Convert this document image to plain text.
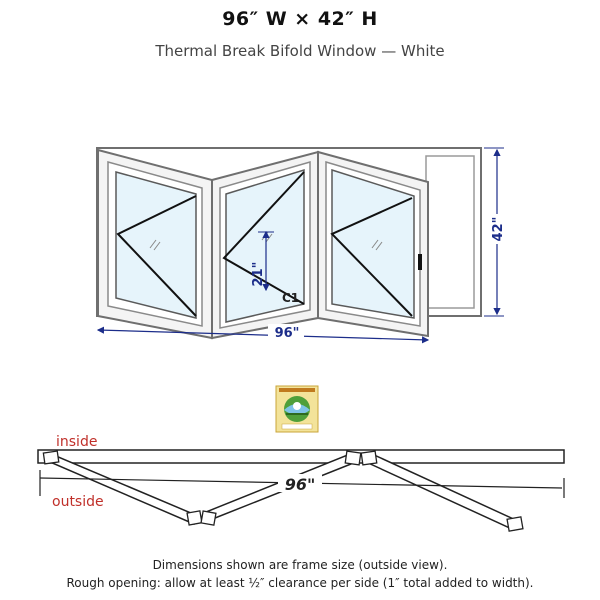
96″ W × 42″ H
Thermal Break Bifold Window — White
21"
C1
96"
42"
inside
outside
96"
Dimensions shown are frame size (outside view).
Rough opening: allow at least ½″ clearance per side (1″ total added to width).
